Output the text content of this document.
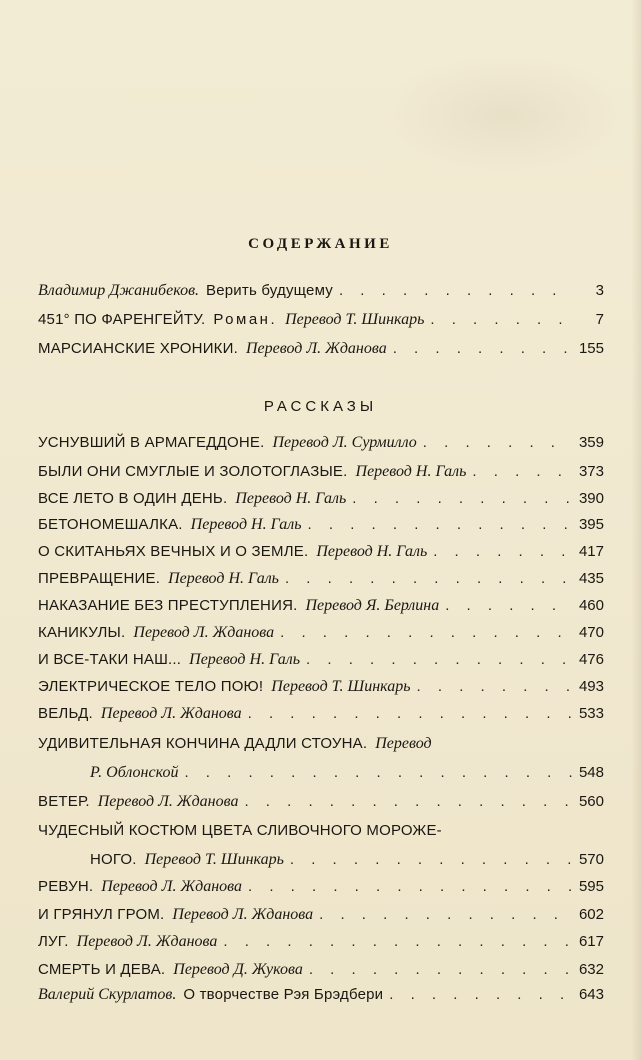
СОДЕРЖАНИЕ
Владимир Джанибеков. Верить будущему . . .	3
451° ПО ФАРЕНГЕЙТУ. Роман. Перевод Т. Шинкарь . . .	7
МАРСИАНСКИЕ ХРОНИКИ. Перевод Л. Жданова . . .	155
РАССКАЗЫ
УСНУВШИЙ В АРМАГЕДДОНЕ. Перевод Л. Сурмилло . . .	359
БЫЛИ ОНИ СМУГЛЫЕ И ЗОЛОТОГЛАЗЫЕ. Перевод Н. Галь . . .	373
ВСЕ ЛЕТО В ОДИН ДЕНЬ. Перевод Н. Галь . . .	390
БЕТОНОМЕШАЛКА. Перевод Н. Галь . . .	395
О СКИТАНЬЯХ ВЕЧНЫХ И О ЗЕМЛЕ. Перевод Н. Галь . . .	417
ПРЕВРАЩЕНИЕ. Перевод Н. Галь . . .	435
НАКАЗАНИЕ БЕЗ ПРЕСТУПЛЕНИЯ. Перевод Я. Берлина . . .	460
КАНИКУЛЫ. Перевод Л. Жданова . . .	470
И ВСЕ-ТАКИ НАШ... Перевод Н. Галь . . .	476
ЭЛЕКТРИЧЕСКОЕ ТЕЛО ПОЮ! Перевод Т. Шинкарь . . .	493
ВЕЛЬД. Перевод Л. Жданова . . .	533
УДИВИТЕЛЬНАЯ КОНЧИНА ДАДЛИ СТОУНА. Перевод
Р. Облонской . . .	548
ВЕТЕР. Перевод Л. Жданова . . .	560
ЧУДЕСНЫЙ КОСТЮМ ЦВЕТА СЛИВОЧНОГО МОРОЖЕ-
НОГО. Перевод Т. Шинкарь . . .	570
РЕВУН. Перевод Л. Жданова . . .	595
И ГРЯНУЛ ГРОМ. Перевод Л. Жданова . . .	602
ЛУГ. Перевод Л. Жданова . . .	617
СМЕРТЬ И ДЕВА. Перевод Д. Жукова . . .	632
Валерий Скурлатов. О творчестве Рэя Брэдбери . . .	643
